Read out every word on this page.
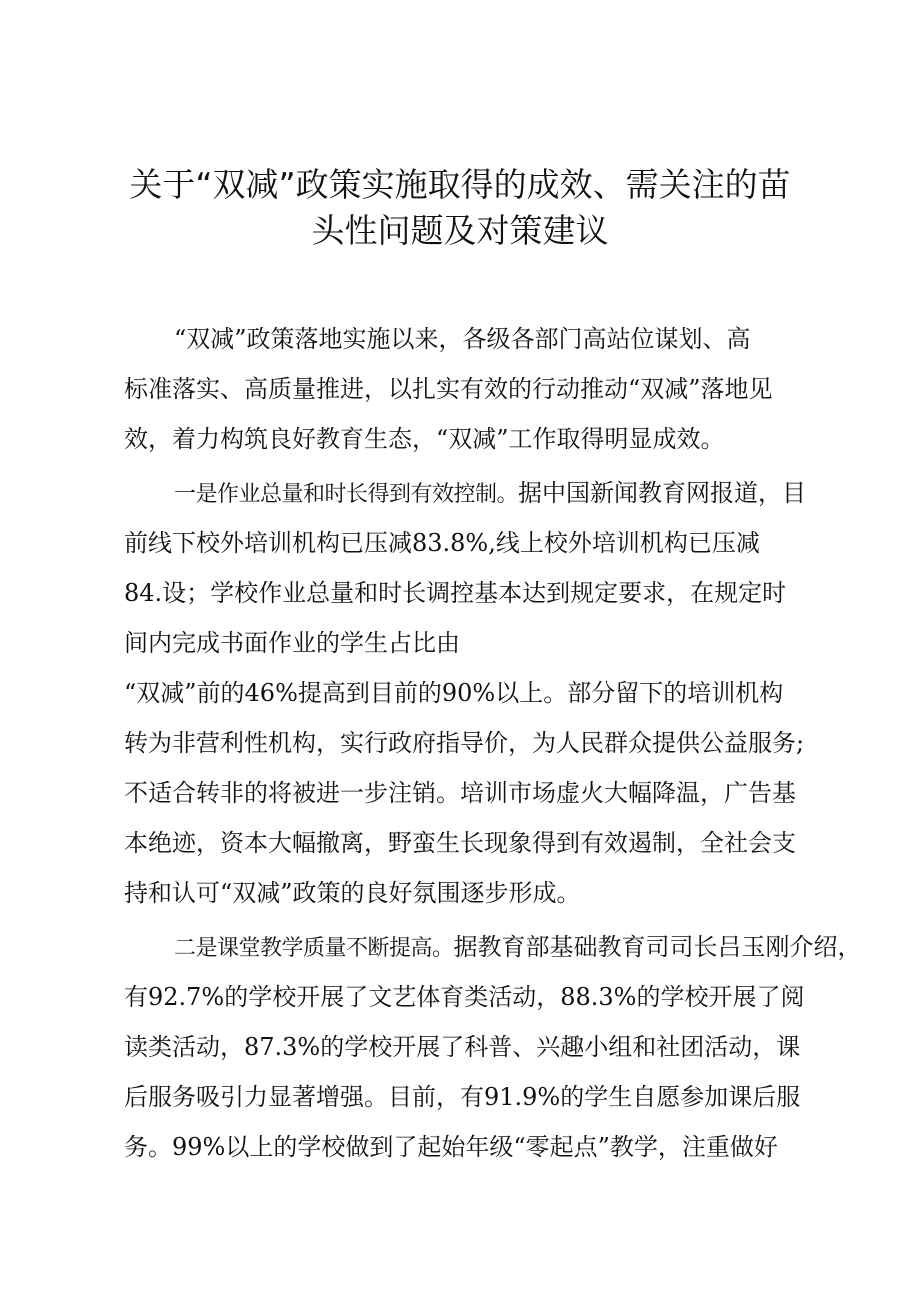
关于“双减”政策实施取得的成效、需关注的苗
头性问题及对策建议
“双减”政策落地实施以来，各级各部门高站位谋划、高
标准落实、高质量推进，以扎实有效的行动推动“双减”落地见
效，着力构筑良好教育生态，“双减”工作取得明显成效。
一是作业总量和时长得到有效控制。据中国新闻教育网报道，目
前线下校外培训机构已压减83.8%,线上校外培训机构已压减
84.设；学校作业总量和时长调控基本达到规定要求，在规定时
间内完成书面作业的学生占比由
“双减”前的46%提高到目前的90%以上。部分留下的培训机构
转为非营利性机构，实行政府指导价，为人民群众提供公益服务;
不适合转非的将被进一步注销。培训市场虚火大幅降温，广告基
本绝迹，资本大幅撤离，野蛮生长现象得到有效遏制，全社会支
持和认可“双减”政策的良好氛围逐步形成。
二是课堂教学质量不断提高。据教育部基础教育司司长吕玉刚介绍，
有92.7%的学校开展了文艺体育类活动，88.3%的学校开展了阅
读类活动，87.3%的学校开展了科普、兴趣小组和社团活动，课
后服务吸引力显著增强。目前，有91.9%的学生自愿参加课后服
务。99%以上的学校做到了起始年级“零起点”教学，注重做好
